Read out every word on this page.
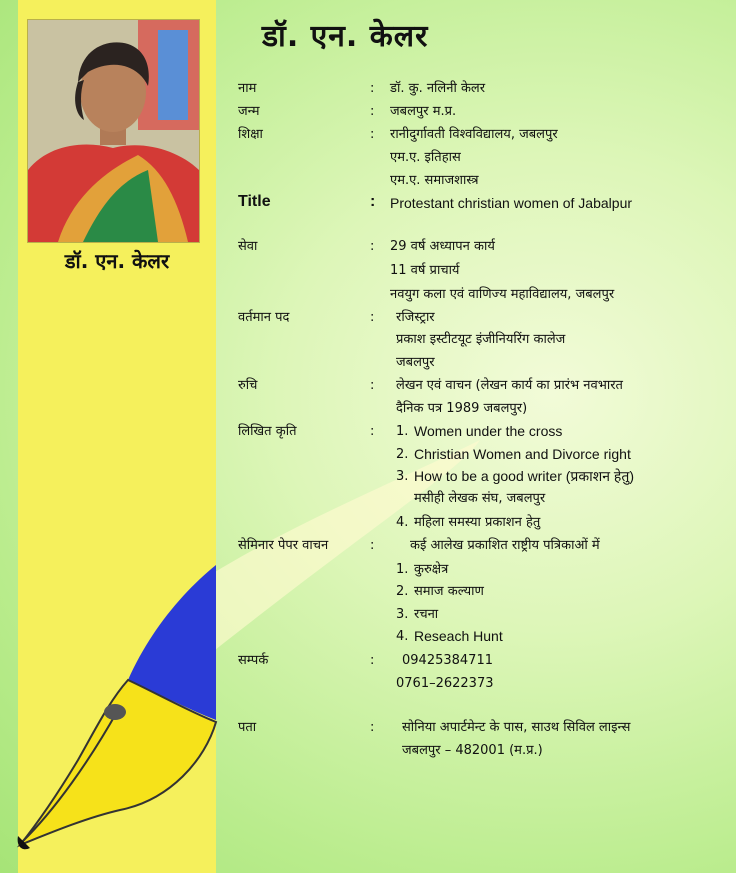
डॉ. एन. केलर
डॉ. एन. केलर
नाम	: डॉ. कु. नलिनी केलर
जन्म	: जबलपुर म.प्र.
शिक्षा	: रानीदुर्गावती विश्वविद्यालय, जबलपुर
एम.ए. इतिहास
एम.ए. समाजशास्त्र
Title	: Protestant christian women of Jabalpur
सेवा	: 29 वर्ष अध्यापन कार्य
11 वर्ष प्राचार्य
नवयुग कला एवं वाणिज्य महाविद्यालय, जबलपुर
वर्तमान पद	: रजिस्ट्रार
प्रकाश इस्टीटयूट इंजीनियरिंग कालेज
जबलपुर
रुचि	: लेखन एवं वाचन (लेखन कार्य का प्रारंभ नवभारत
दैनिक पत्र 1989 जबलपुर)
लिखित कृति	: 1. Women under the cross
2. Christian Women and Divorce right
3. How to be a good writer (प्रकाशन हेतु)
मसीही लेखक संघ, जबलपुर
4. महिला समस्या प्रकाशन हेतु
सेमिनार पेपर वाचन	:	कई आलेख प्रकाशित राष्ट्रीय पत्रिकाओं में
1. कुरुक्षेत्र
2. समाज कल्याण
3. रचना
4. Reseach Hunt
सम्पर्क	: 09425384711
0761–2622373
पता	: सोनिया अपार्टमेन्ट के पास, साउथ सिविल लाइन्स
जबलपुर – 482001 (म.प्र.)
